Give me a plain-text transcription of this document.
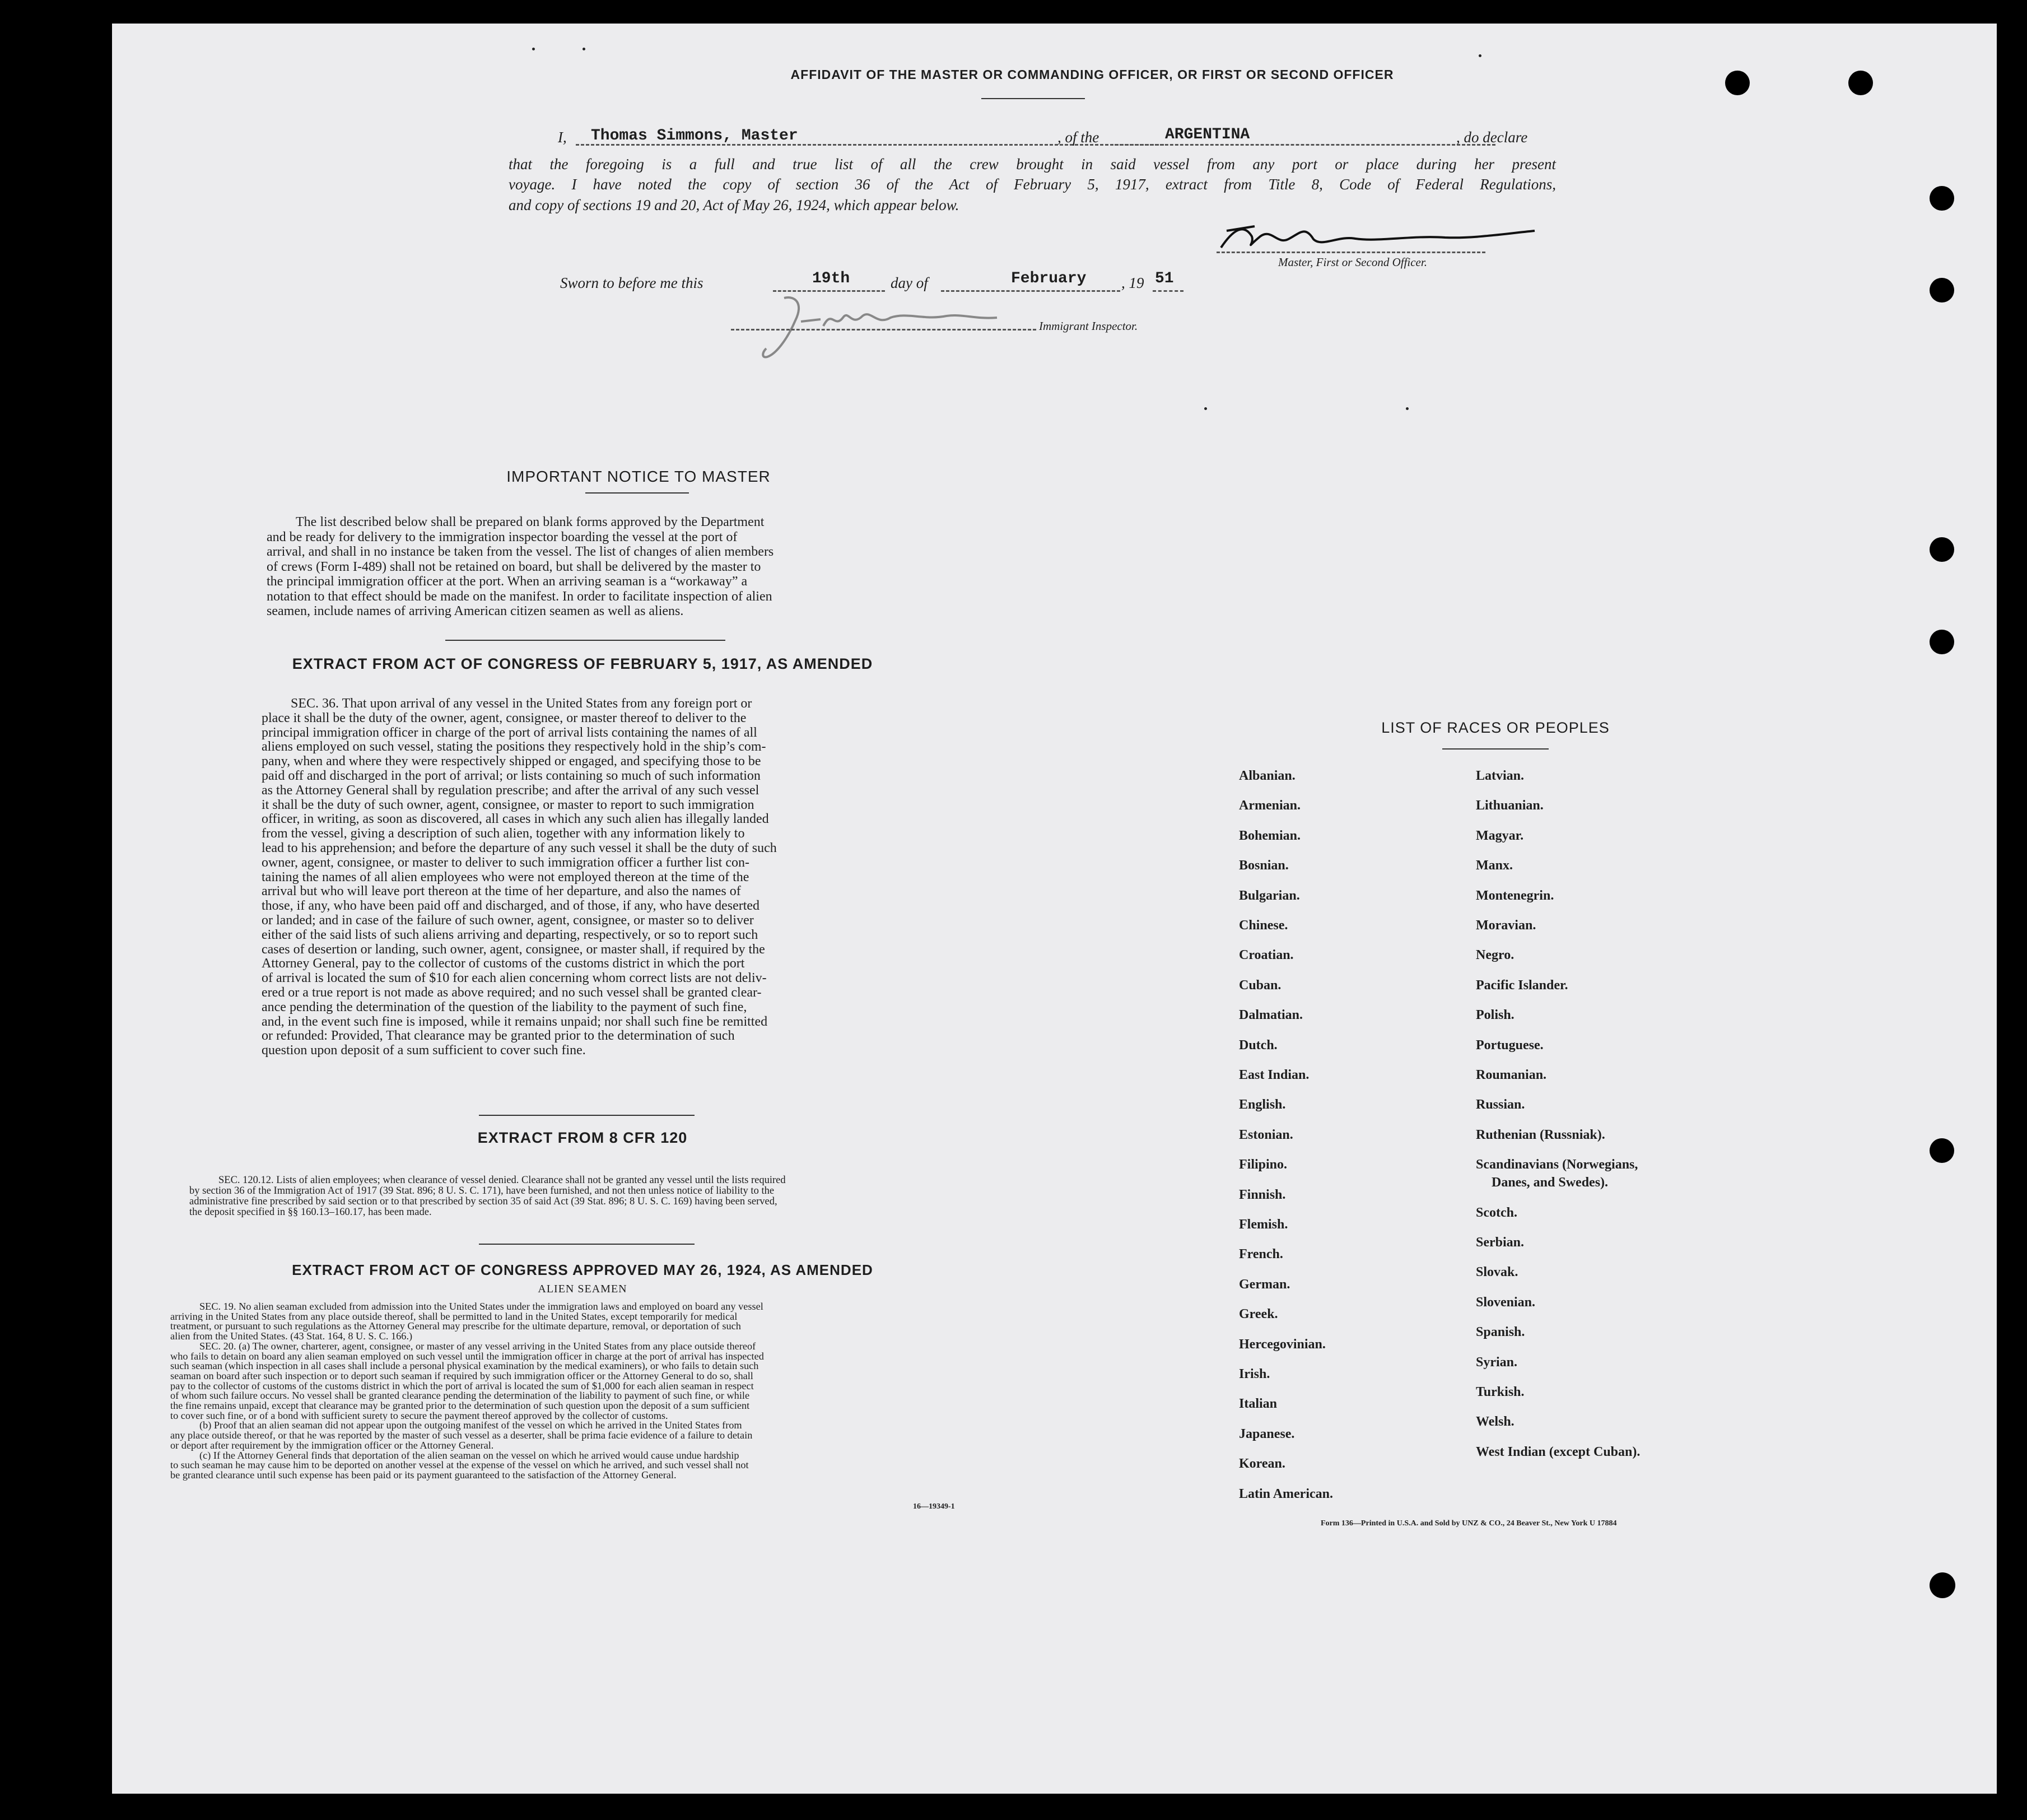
AFFIDAVIT OF THE MASTER OR COMMANDING OFFICER, OR FIRST OR SECOND OFFICER
I, Thomas Simmons, Master	, of the	ARGENTINA	, do declare
that the foregoing is a full and true list of all the crew brought in said vessel from any port or place during her present
voyage. I have noted the copy of section 36 of the Act of February 5, 1917, extract from Title 8, Code of Federal Regulations,
and copy of sections 19 and 20, Act of May 26, 1924, which appear below.
Master, First or Second Officer.
Sworn to before me this	19th	day of	February , 19 51
Immigrant Inspector.
IMPORTANT NOTICE TO MASTER
The list described below shall be prepared on blank forms approved by the Department
and be ready for delivery to the immigration inspector boarding the vessel at the port of
arrival, and shall in no instance be taken from the vessel. The list of changes of alien members
of crews (Form I-489) shall not be retained on board, but shall be delivered by the master to
the principal immigration officer at the port. When an arriving seaman is a “workaway” a
notation to that effect should be made on the manifest. In order to facilitate inspection of alien
seamen, include names of arriving American citizen seamen as well as aliens.
EXTRACT FROM ACT OF CONGRESS OF FEBRUARY 5, 1917, AS AMENDED
SEC. 36. That upon arrival of any vessel in the United States from any foreign port or
place it shall be the duty of the owner, agent, consignee, or master thereof to deliver to the
principal immigration officer in charge of the port of arrival lists containing the names of all
aliens employed on such vessel, stating the positions they respectively hold in the ship’s com-
pany, when and where they were respectively shipped or engaged, and specifying those to be
paid off and discharged in the port of arrival; or lists containing so much of such information
as the Attorney General shall by regulation prescribe; and after the arrival of any such vessel
it shall be the duty of such owner, agent, consignee, or master to report to such immigration
officer, in writing, as soon as discovered, all cases in which any such alien has illegally landed
from the vessel, giving a description of such alien, together with any information likely to
lead to his apprehension; and before the departure of any such vessel it shall be the duty of such
owner, agent, consignee, or master to deliver to such immigration officer a further list con-
taining the names of all alien employees who were not employed thereon at the time of the
arrival but who will leave port thereon at the time of her departure, and also the names of
those, if any, who have been paid off and discharged, and of those, if any, who have deserted
or landed; and in case of the failure of such owner, agent, consignee, or master so to deliver
either of the said lists of such aliens arriving and departing, respectively, or so to report such
cases of desertion or landing, such owner, agent, consignee, or master shall, if required by the
Attorney General, pay to the collector of customs of the customs district in which the port
of arrival is located the sum of $10 for each alien concerning whom correct lists are not deliv-
ered or a true report is not made as above required; and no such vessel shall be granted clear-
ance pending the determination of the question of the liability to the payment of such fine,
and, in the event such fine is imposed, while it remains unpaid; nor shall such fine be remitted
or refunded: Provided, That clearance may be granted prior to the determination of such
question upon deposit of a sum sufficient to cover such fine.
EXTRACT FROM 8 CFR 120
SEC. 120.12. Lists of alien employees; when clearance of vessel denied. Clearance shall not be granted any vessel until the lists required
by section 36 of the Immigration Act of 1917 (39 Stat. 896; 8 U. S. C. 171), have been furnished, and not then unless notice of liability to the
administrative fine prescribed by said section or to that prescribed by section 35 of said Act (39 Stat. 896; 8 U. S. C. 169) having been served,
the deposit specified in §§ 160.13–160.17, has been made.
EXTRACT FROM ACT OF CONGRESS APPROVED MAY 26, 1924, AS AMENDED
ALIEN SEAMEN
SEC. 19. No alien seaman excluded from admission into the United States under the immigration laws and employed on board any vessel
arriving in the United States from any place outside thereof, shall be permitted to land in the United States, except temporarily for medical
treatment, or pursuant to such regulations as the Attorney General may prescribe for the ultimate departure, removal, or deportation of such
alien from the United States. (43 Stat. 164, 8 U. S. C. 166.)
SEC. 20. (a) The owner, charterer, agent, consignee, or master of any vessel arriving in the United States from any place outside thereof
who fails to detain on board any alien seaman employed on such vessel until the immigration officer in charge at the port of arrival has inspected
such seaman (which inspection in all cases shall include a personal physical examination by the medical examiners), or who fails to detain such
seaman on board after such inspection or to deport such seaman if required by such immigration officer or the Attorney General to do so, shall
pay to the collector of customs of the customs district in which the port of arrival is located the sum of $1,000 for each alien seaman in respect
of whom such failure occurs. No vessel shall be granted clearance pending the determination of the liability to payment of such fine, or while
the fine remains unpaid, except that clearance may be granted prior to the determination of such question upon the deposit of a sum sufficient
to cover such fine, or of a bond with sufficient surety to secure the payment thereof approved by the collector of customs.
(b) Proof that an alien seaman did not appear upon the outgoing manifest of the vessel on which he arrived in the United States from
any place outside thereof, or that he was reported by the master of such vessel as a deserter, shall be prima facie evidence of a failure to detain
or deport after requirement by the immigration officer or the Attorney General.
(c) If the Attorney General finds that deportation of the alien seaman on the vessel on which he arrived would cause undue hardship
to such seaman he may cause him to be deported on another vessel at the expense of the vessel on which he arrived, and such vessel shall not
be granted clearance until such expense has been paid or its payment guaranteed to the satisfaction of the Attorney General.
16—19349-1
LIST OF RACES OR PEOPLES
Albanian.
Armenian.
Bohemian.
Bosnian.
Bulgarian.
Chinese.
Croatian.
Cuban.
Dalmatian.
Dutch.
East Indian.
English.
Estonian.
Filipino.
Finnish.
Flemish.
French.
German.
Greek.
Hercegovinian.
Irish.
Italian
Japanese.
Korean.
Latin American.
Latvian.
Lithuanian.
Magyar.
Manx.
Montenegrin.
Moravian.
Negro.
Pacific Islander.
Polish.
Portuguese.
Roumanian.
Russian.
Ruthenian (Russniak).
Scandinavians (Norwegians,
Danes, and Swedes).
Scotch.
Serbian.
Slovak.
Slovenian.
Spanish.
Syrian.
Turkish.
Welsh.
West Indian (except Cuban).
Form 136—Printed in U.S.A. and Sold by UNZ & CO., 24 Beaver St., New York U 17884
